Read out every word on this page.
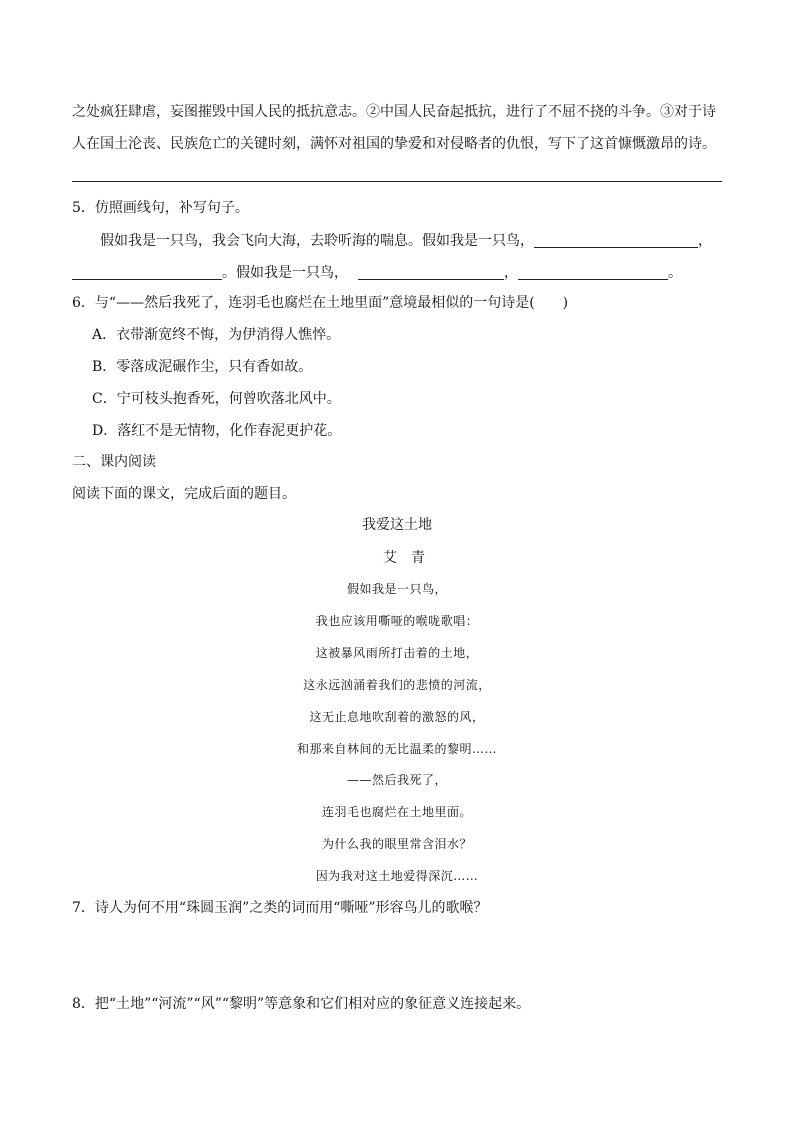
之处疯狂肆虐，妄图摧毁中国人民的抵抗意志。②中国人民奋起抵抗，进行了不屈不挠的斗争。③对于诗
人在国土沦丧、民族危亡的关键时刻，满怀对祖国的挚爱和对侵略者的仇恨，写下了这首慷慨激昂的诗。
5．仿照画线句，补写句子。
假如我是一只鸟，我会飞向大海，去聆听海的喘息。假如我是一只鸟，	，
。假如我是一只鸟，	，	。
6．与“——然后我死了，连羽毛也腐烂在土地里面”意境最相似的一句诗是(　　)
A．衣带渐宽终不悔，为伊消得人憔悴。
B．零落成泥碾作尘，只有香如故。
C．宁可枝头抱香死，何曾吹落北风中。
D．落红不是无情物，化作春泥更护花。
二、课内阅读
阅读下面的课文，完成后面的题目。
我爱这土地
艾青
假如我是一只鸟，
我也应该用嘶哑的喉咙歌唱：
这被暴风雨所打击着的土地，
这永远汹涌着我们的悲愤的河流，
这无止息地吹刮着的激怒的风，
和那来自林间的无比温柔的黎明……
——然后我死了，
连羽毛也腐烂在土地里面。
为什么我的眼里常含泪水？
因为我对这土地爱得深沉……
7．诗人为何不用“珠圆玉润”之类的词而用“嘶哑”形容鸟儿的歌喉？
8．把“土地”“河流”“风”“黎明”等意象和它们相对应的象征意义连接起来。
